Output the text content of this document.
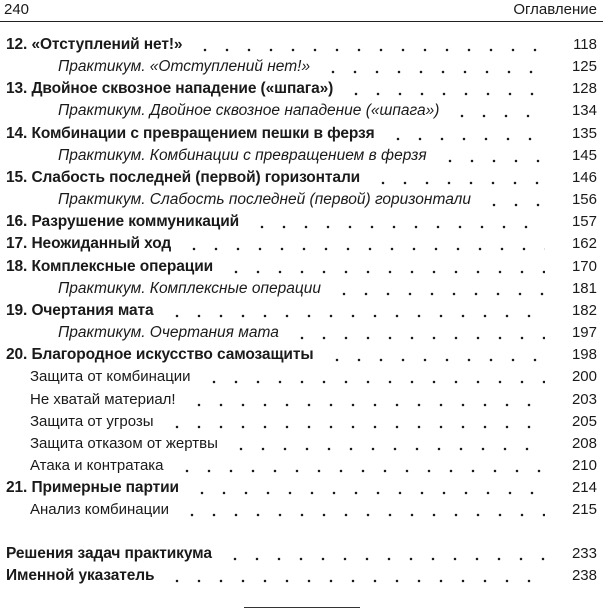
240	Оглавление
12. «Отступлений нет!»	118
Практикум. «Отступлений нет!»	125
13. Двойное сквозное нападение («шпага»)	128
Практикум. Двойное сквозное нападение («шпага»)	134
14. Комбинации с превращением пешки в ферзя	135
Практикум. Комбинации с превращением в ферзя	145
15. Слабость последней (первой) горизонтали	146
Практикум. Слабость последней (первой) горизонтали	156
16. Разрушение коммуникаций	157
17. Неожиданный ход	162
18. Комплексные операции	170
Практикум. Комплексные операции	181
19. Очертания мата	182
Практикум. Очертания мата	197
20. Благородное искусство самозащиты	198
Защита от комбинации	200
Не хватай материал!	203
Защита от угрозы	205
Защита отказом от жертвы	208
Атака и контратака	210
21. Примерные партии	214
Анализ комбинации	215
Решения задач практикума	233
Именной указатель	238
